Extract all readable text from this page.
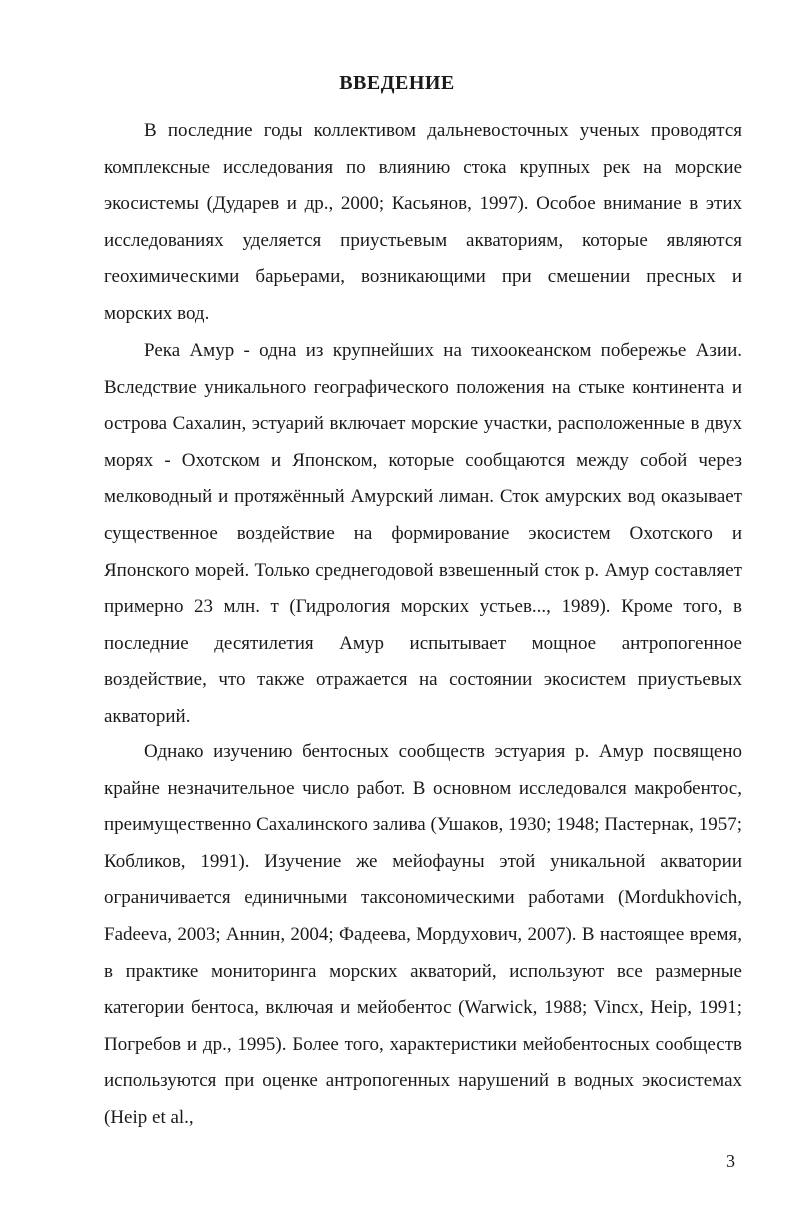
ВВЕДЕНИЕ

В последние годы коллективом дальневосточных ученых проводятся комплексные исследования по влиянию стока крупных рек на морские экосистемы (Дударев и др., 2000; Касьянов, 1997). Особое внимание в этих исследованиях уделяется приустьевым акваториям, которые являются геохимическими барьерами, возникающими при смешении пресных и морских вод.

Река Амур - одна из крупнейших на тихоокеанском побережье Азии. Вследствие уникального географического положения на стыке континента и острова Сахалин, эстуарий включает морские участки, расположенные в двух морях - Охотском и Японском, которые сообщаются между собой через мелководный и протяжённый Амурский лиман. Сток амурских вод оказывает существенное воздействие на формирование экосистем Охотского и Японского морей. Только среднегодовой взвешенный сток р. Амур составляет примерно 23 млн. т (Гидрология морских устьев..., 1989). Кроме того, в последние десятилетия Амур испытывает мощное антропогенное воздействие, что также отражается на состоянии экосистем приустьевых акваторий.

Однако изучению бентосных сообществ эстуария р. Амур посвящено крайне незначительное число работ. В основном исследовался макробентос, преимущественно Сахалинского залива (Ушаков, 1930; 1948; Пастернак, 1957; Кобликов, 1991). Изучение же мейофауны этой уникальной акватории ограничивается единичными таксономическими работами (Mordukhovich, Fadeeva, 2003; Аннин, 2004; Фадеева, Мордухович, 2007). В настоящее время, в практике мониторинга морских акваторий, используют все размерные категории бентоса, включая и мейобентос (Warwick, 1988; Vincx, Heip, 1991; Погребов и др., 1995). Более того, характеристики мейобентосных сообществ используются при оценке антропогенных нарушений в водных экосистемах (Heip et al.,

3
